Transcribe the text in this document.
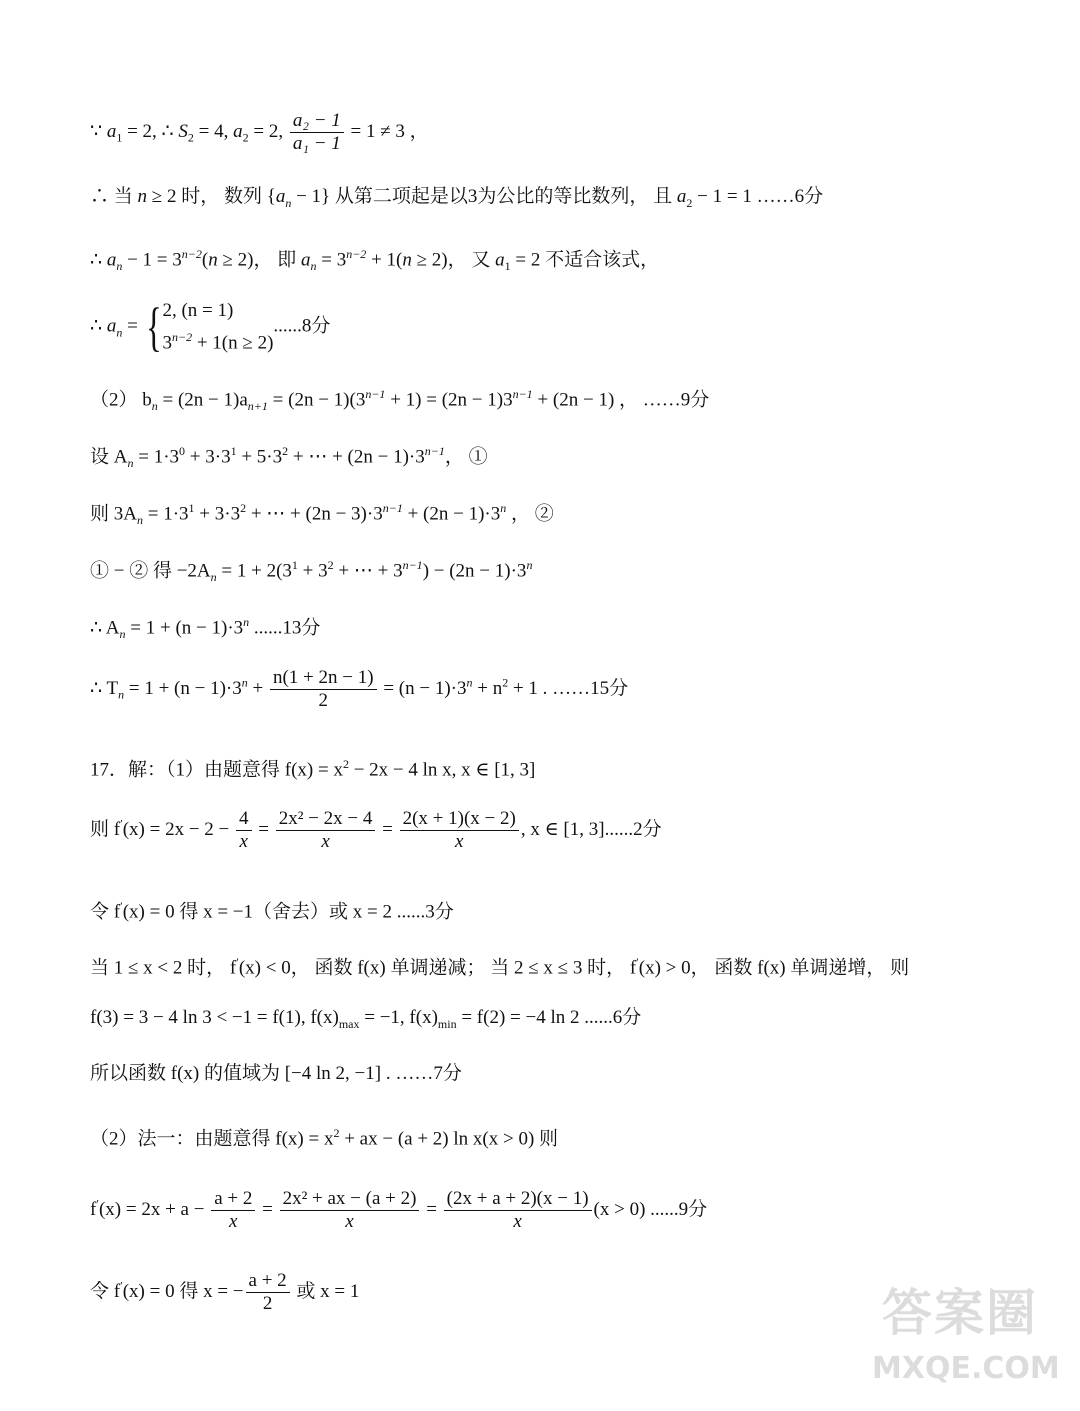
∵ $a_1 = 2$, ∴ $S_2 = 4$, $a_2 = 2$, $\frac{\text{a₂ − 1}}{\text{a₁ − 1}} = 1 \ne 3$ ，
∴ 当 n ≥ 2 时， 数列 $\{a_n - 1\}$ 从第二项起是以3为公比的等比数列， 且 $a_2 - 1 = 1$ ……6分
∴ $a_n - 1 = 3^{n-2}(n \ge 2)$， 即 $a_n = 3^{n-2} + 1(n \ge 2)$， 又 $a_1 = 2$ 不适合该式，
∴ $a_n$ = { 2, (n = 1)
$3^{n-2} + 1(n \ge 2)$
......8分
（2） $b_n = (2n - 1)a_{n+1} = (2n - 1)(3^{n-1} + 1) = (2n - 1)3^{n-1} + (2n - 1)$ ， ……9分
设 $A_n = 1\cdot 3^0 + 3\cdot 3^1 + 5\cdot 3^2$ + ⋯ + $(2n - 1)\cdot 3^{n-1}$， ①
则 $3A_n = 1\cdot 3^1 + 3\cdot 3^2$ + ⋯ + $(2n - 3)\cdot 3^{n-1} + (2n - 1)\cdot 3^n$ ， ②
① − ② 得 $-2A_n = 1 + 2(3^1 + 3^2$ + ⋯ + $3^{n-1}) - (2n - 1)\cdot 3^n$
∴ $A_n = 1 + (n - 1)\cdot 3^n$ ......13分
∴ $T_n = 1 + (n - 1)\cdot 3^n + \frac{n(1 + 2n - 1)}{2} = (n - 1)\cdot 3^n + n^2 + 1$ . ……15分
17．解：（1）由题意得 $f(x) = x^2 - 2x - 4$ ln x, x ∈ [1, 3]
则 $f'(x) = 2x - 2 - \frac{4}{x} = \frac{\text{2x² − 2x − 4}}{x} = \frac{2(x + 1)(x - 2)}{x}$ , x ∈ [1, 3]......2分
令 f′(x) = 0 得 x = −1（舍去）或 x = 2 ......3分
当 1 ≤ x < 2 时， f′(x) < 0， 函数 f(x) 单调递减； 当 2 ≤ x ≤ 3 时， f′(x) > 0， 函数 f(x) 单调递增， 则
f(3) = 3 − 4 ln 3 < −1 = f(1), $f(x)_{max} = -1$, $f(x)_{min} = f(2) = -4$ ln 2 ......6分
所以函数 f(x) 的值域为 [−4 ln 2, −1] . ……7分
（2）法一：由题意得 $f(x) = x^2$ + ax − (a + 2) ln x(x > 0) 则
$f'(x) = 2x + a - \frac{a + 2}{x} = \frac{\text{2x² + ax − (a + 2)}}{x} = \frac{(2x + a + 2)(x - 1)}{x} (x > 0)$ ......9分
令 f′(x) = 0 得 x = − $\frac{a + 2}{2}$ 或 x = 1	答案圈
MXQE.COM
